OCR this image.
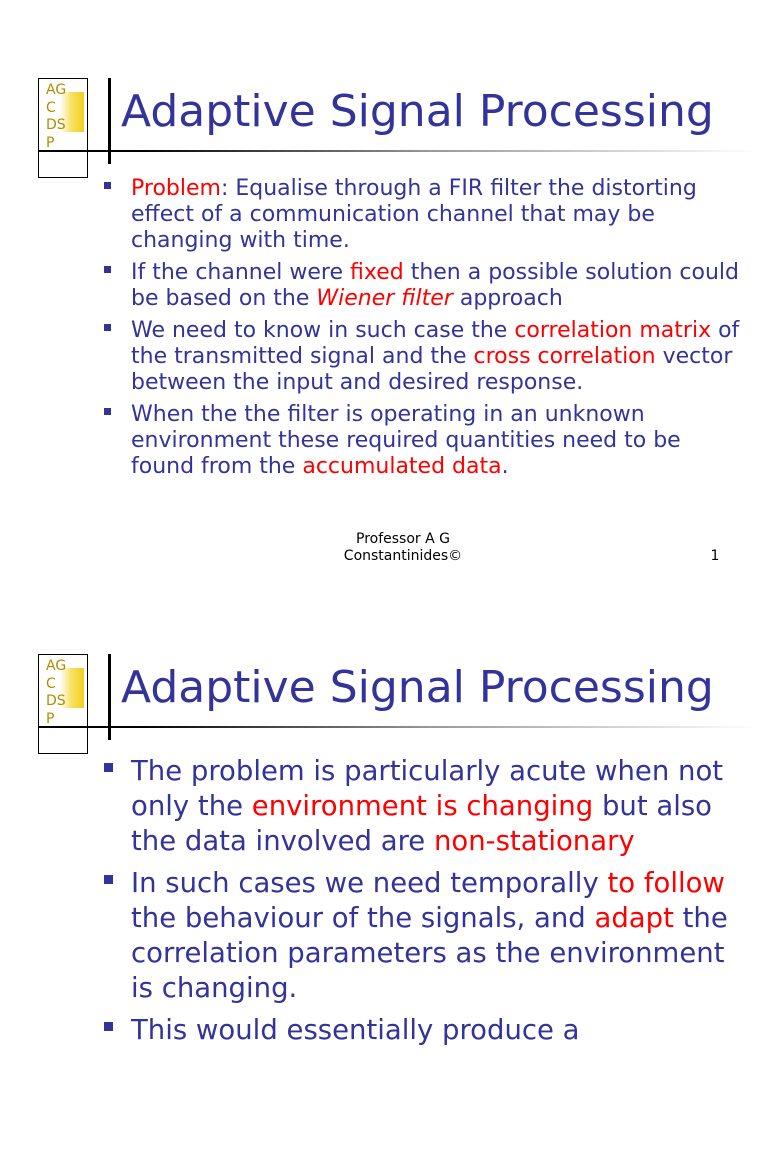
AG
C
DS
P
Adaptive Signal Processing
Problem: Equalise through a FIR filter the distorting effect of a communication channel that may be changing with time.
If the channel were fixed then a possible solution could be based on the Wiener filter approach
We need to know in such case the correlation matrix of the transmitted signal and the cross correlation vector between the input and desired response.
When the the filter is operating in an unknown environment these required quantities need to be found from the accumulated data.
Professor A G Constantinides©	1
AG
C
DS
P
Adaptive Signal Processing
The problem is particularly acute when not only the environment is changing but also the data involved are non-stationary
In such cases we need temporally to follow the behaviour of the signals, and adapt the correlation parameters as the environment is changing.
This would essentially produce a
